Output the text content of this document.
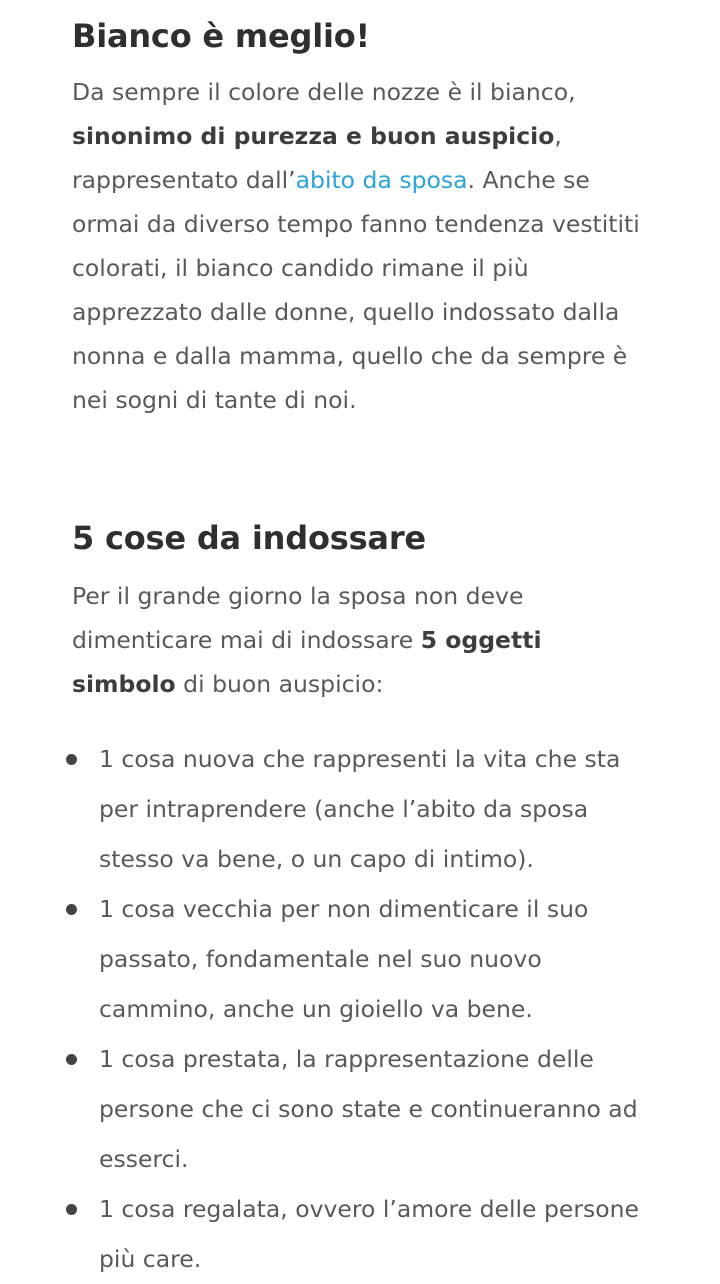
Bianco è meglio!

Da sempre il colore delle nozze è il bianco, sinonimo di purezza e buon auspicio, rappresentato dall’abito da sposa. Anche se ormai da diverso tempo fanno tendenza vestititi colorati, il bianco candido rimane il più apprezzato dalle donne, quello indossato dalla nonna e dalla mamma, quello che da sempre è nei sogni di tante di noi.

5 cose da indossare

Per il grande giorno la sposa non deve dimenticare mai di indossare 5 oggetti simbolo di buon auspicio:

1 cosa nuova che rappresenti la vita che sta per intraprendere (anche l’abito da sposa stesso va bene, o un capo di intimo).
1 cosa vecchia per non dimenticare il suo passato, fondamentale nel suo nuovo cammino, anche un gioiello va bene.
1 cosa prestata, la rappresentazione delle persone che ci sono state e continueranno ad esserci.
1 cosa regalata, ovvero l’amore delle persone più care.
